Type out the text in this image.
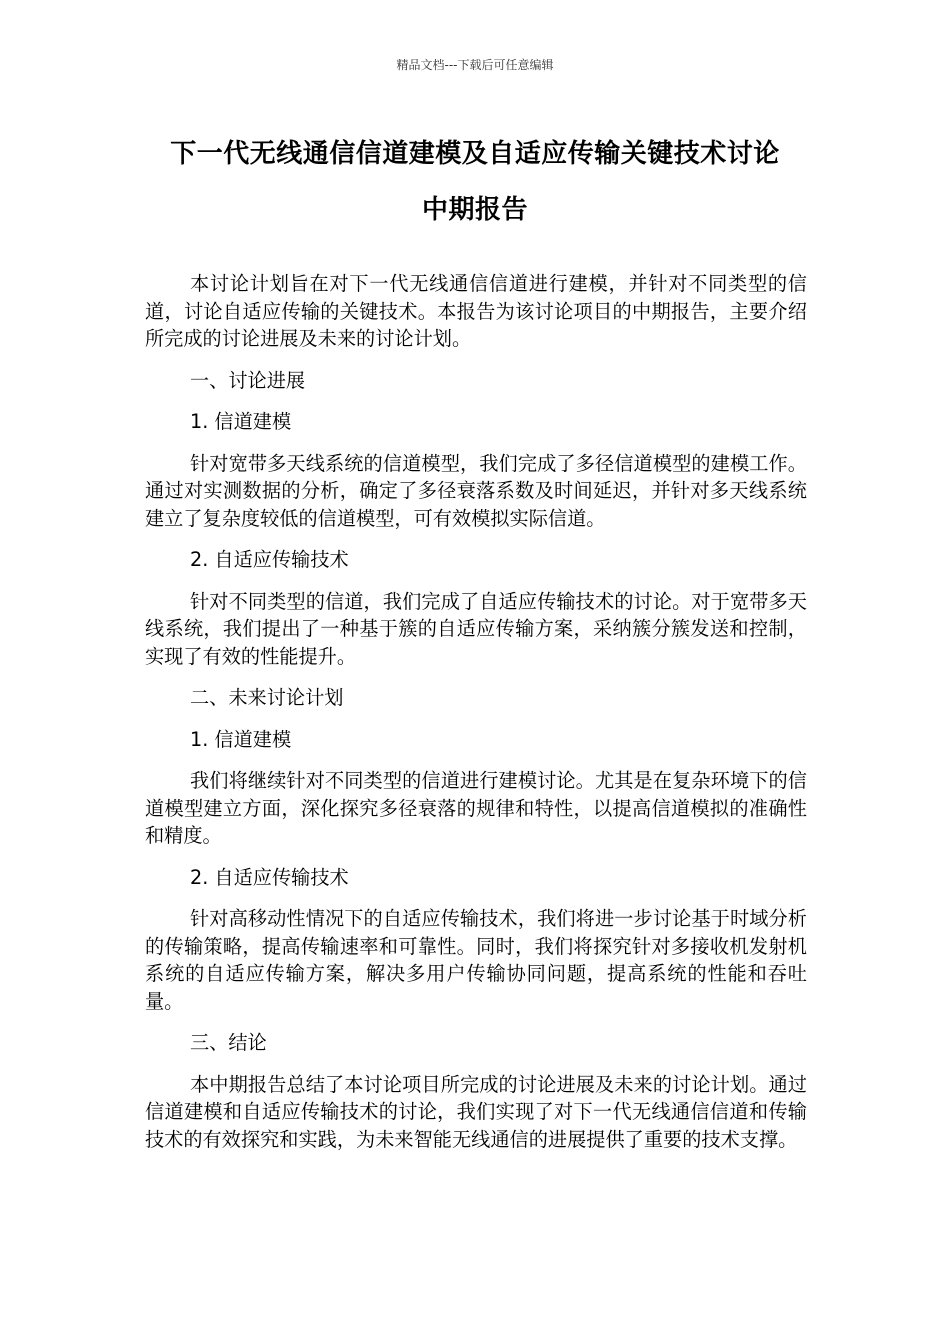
精品文档---下载后可任意编辑
下一代无线通信信道建模及自适应传输关键技术讨论
中期报告

本讨论计划旨在对下一代无线通信信道进行建模，并针对不同类型的信道，讨论自适应传输的关键技术。本报告为该讨论项目的中期报告，主要介绍所完成的讨论进展及未来的讨论计划。

一、讨论进展
1. 信道建模

针对宽带多天线系统的信道模型，我们完成了多径信道模型的建模工作。通过对实测数据的分析，确定了多径衰落系数及时间延迟，并针对多天线系统建立了复杂度较低的信道模型，可有效模拟实际信道。

2. 自适应传输技术

针对不同类型的信道，我们完成了自适应传输技术的讨论。对于宽带多天线系统，我们提出了一种基于簇的自适应传输方案，采纳簇分簇发送和控制，实现了有效的性能提升。

二、未来讨论计划
1. 信道建模

我们将继续针对不同类型的信道进行建模讨论。尤其是在复杂环境下的信道模型建立方面，深化探究多径衰落的规律和特性，以提高信道模拟的准确性和精度。

2. 自适应传输技术

针对高移动性情况下的自适应传输技术，我们将进一步讨论基于时域分析的传输策略，提高传输速率和可靠性。同时，我们将探究针对多接收机发射机系统的自适应传输方案，解决多用户传输协同问题，提高系统的性能和吞吐量。

三、结论

本中期报告总结了本讨论项目所完成的讨论进展及未来的讨论计划。通过信道建模和自适应传输技术的讨论，我们实现了对下一代无线通信信道和传输技术的有效探究和实践，为未来智能无线通信的进展提供了重要的技术支撑。
